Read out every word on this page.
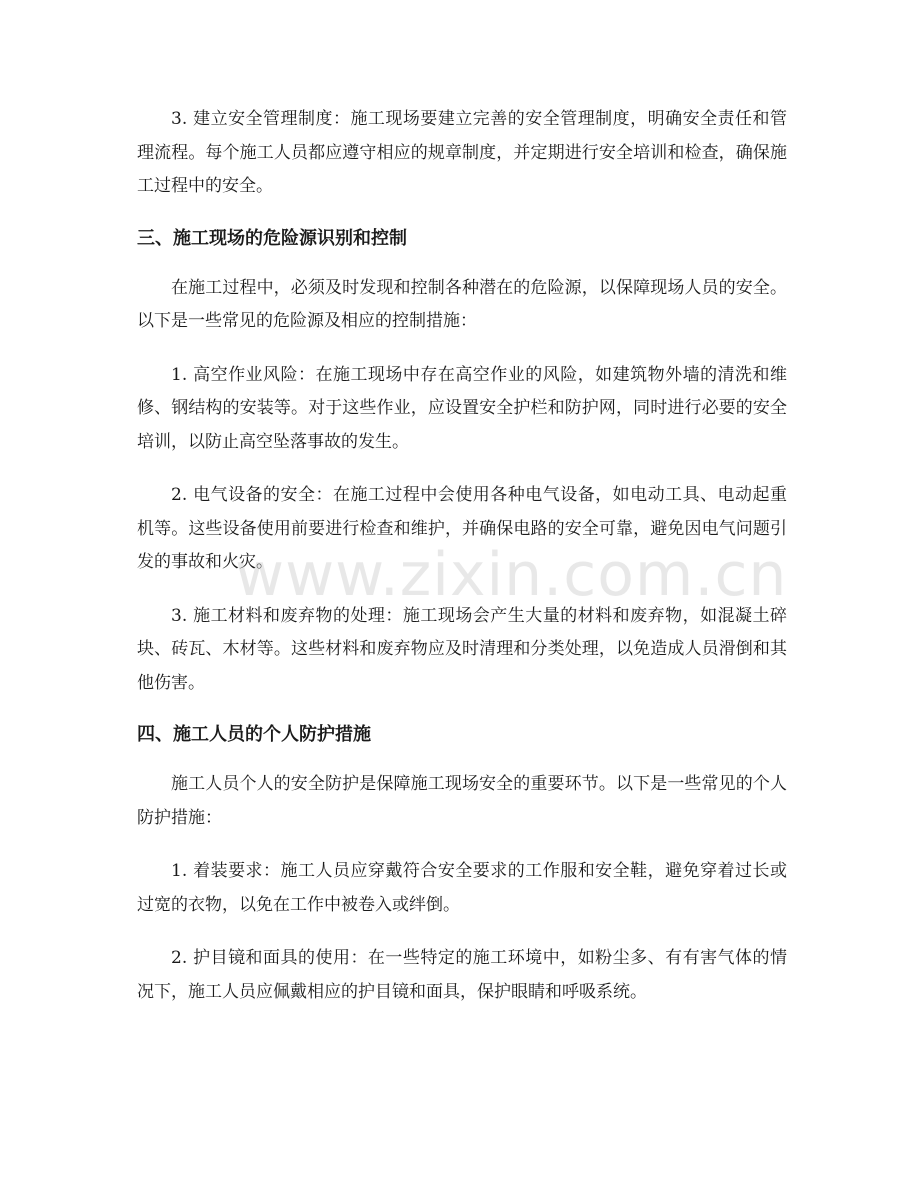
3. 建立安全管理制度：施工现场要建立完善的安全管理制度，明确安全责任和管理流程。每个施工人员都应遵守相应的规章制度，并定期进行安全培训和检查，确保施工过程中的安全。

三、施工现场的危险源识别和控制

在施工过程中，必须及时发现和控制各种潜在的危险源，以保障现场人员的安全。以下是一些常见的危险源及相应的控制措施：

1. 高空作业风险：在施工现场中存在高空作业的风险，如建筑物外墙的清洗和维修、钢结构的安装等。对于这些作业，应设置安全护栏和防护网，同时进行必要的安全培训，以防止高空坠落事故的发生。

2. 电气设备的安全：在施工过程中会使用各种电气设备，如电动工具、电动起重机等。这些设备使用前要进行检查和维护，并确保电路的安全可靠，避免因电气问题引发的事故和火灾。

3. 施工材料和废弃物的处理：施工现场会产生大量的材料和废弃物，如混凝土碎块、砖瓦、木材等。这些材料和废弃物应及时清理和分类处理，以免造成人员滑倒和其他伤害。

四、施工人员的个人防护措施

施工人员个人的安全防护是保障施工现场安全的重要环节。以下是一些常见的个人防护措施：

1. 着装要求：施工人员应穿戴符合安全要求的工作服和安全鞋，避免穿着过长或过宽的衣物，以免在工作中被卷入或绊倒。

2. 护目镜和面具的使用：在一些特定的施工环境中，如粉尘多、有有害气体的情况下，施工人员应佩戴相应的护目镜和面具，保护眼睛和呼吸系统。

www.zixin.com.cn
